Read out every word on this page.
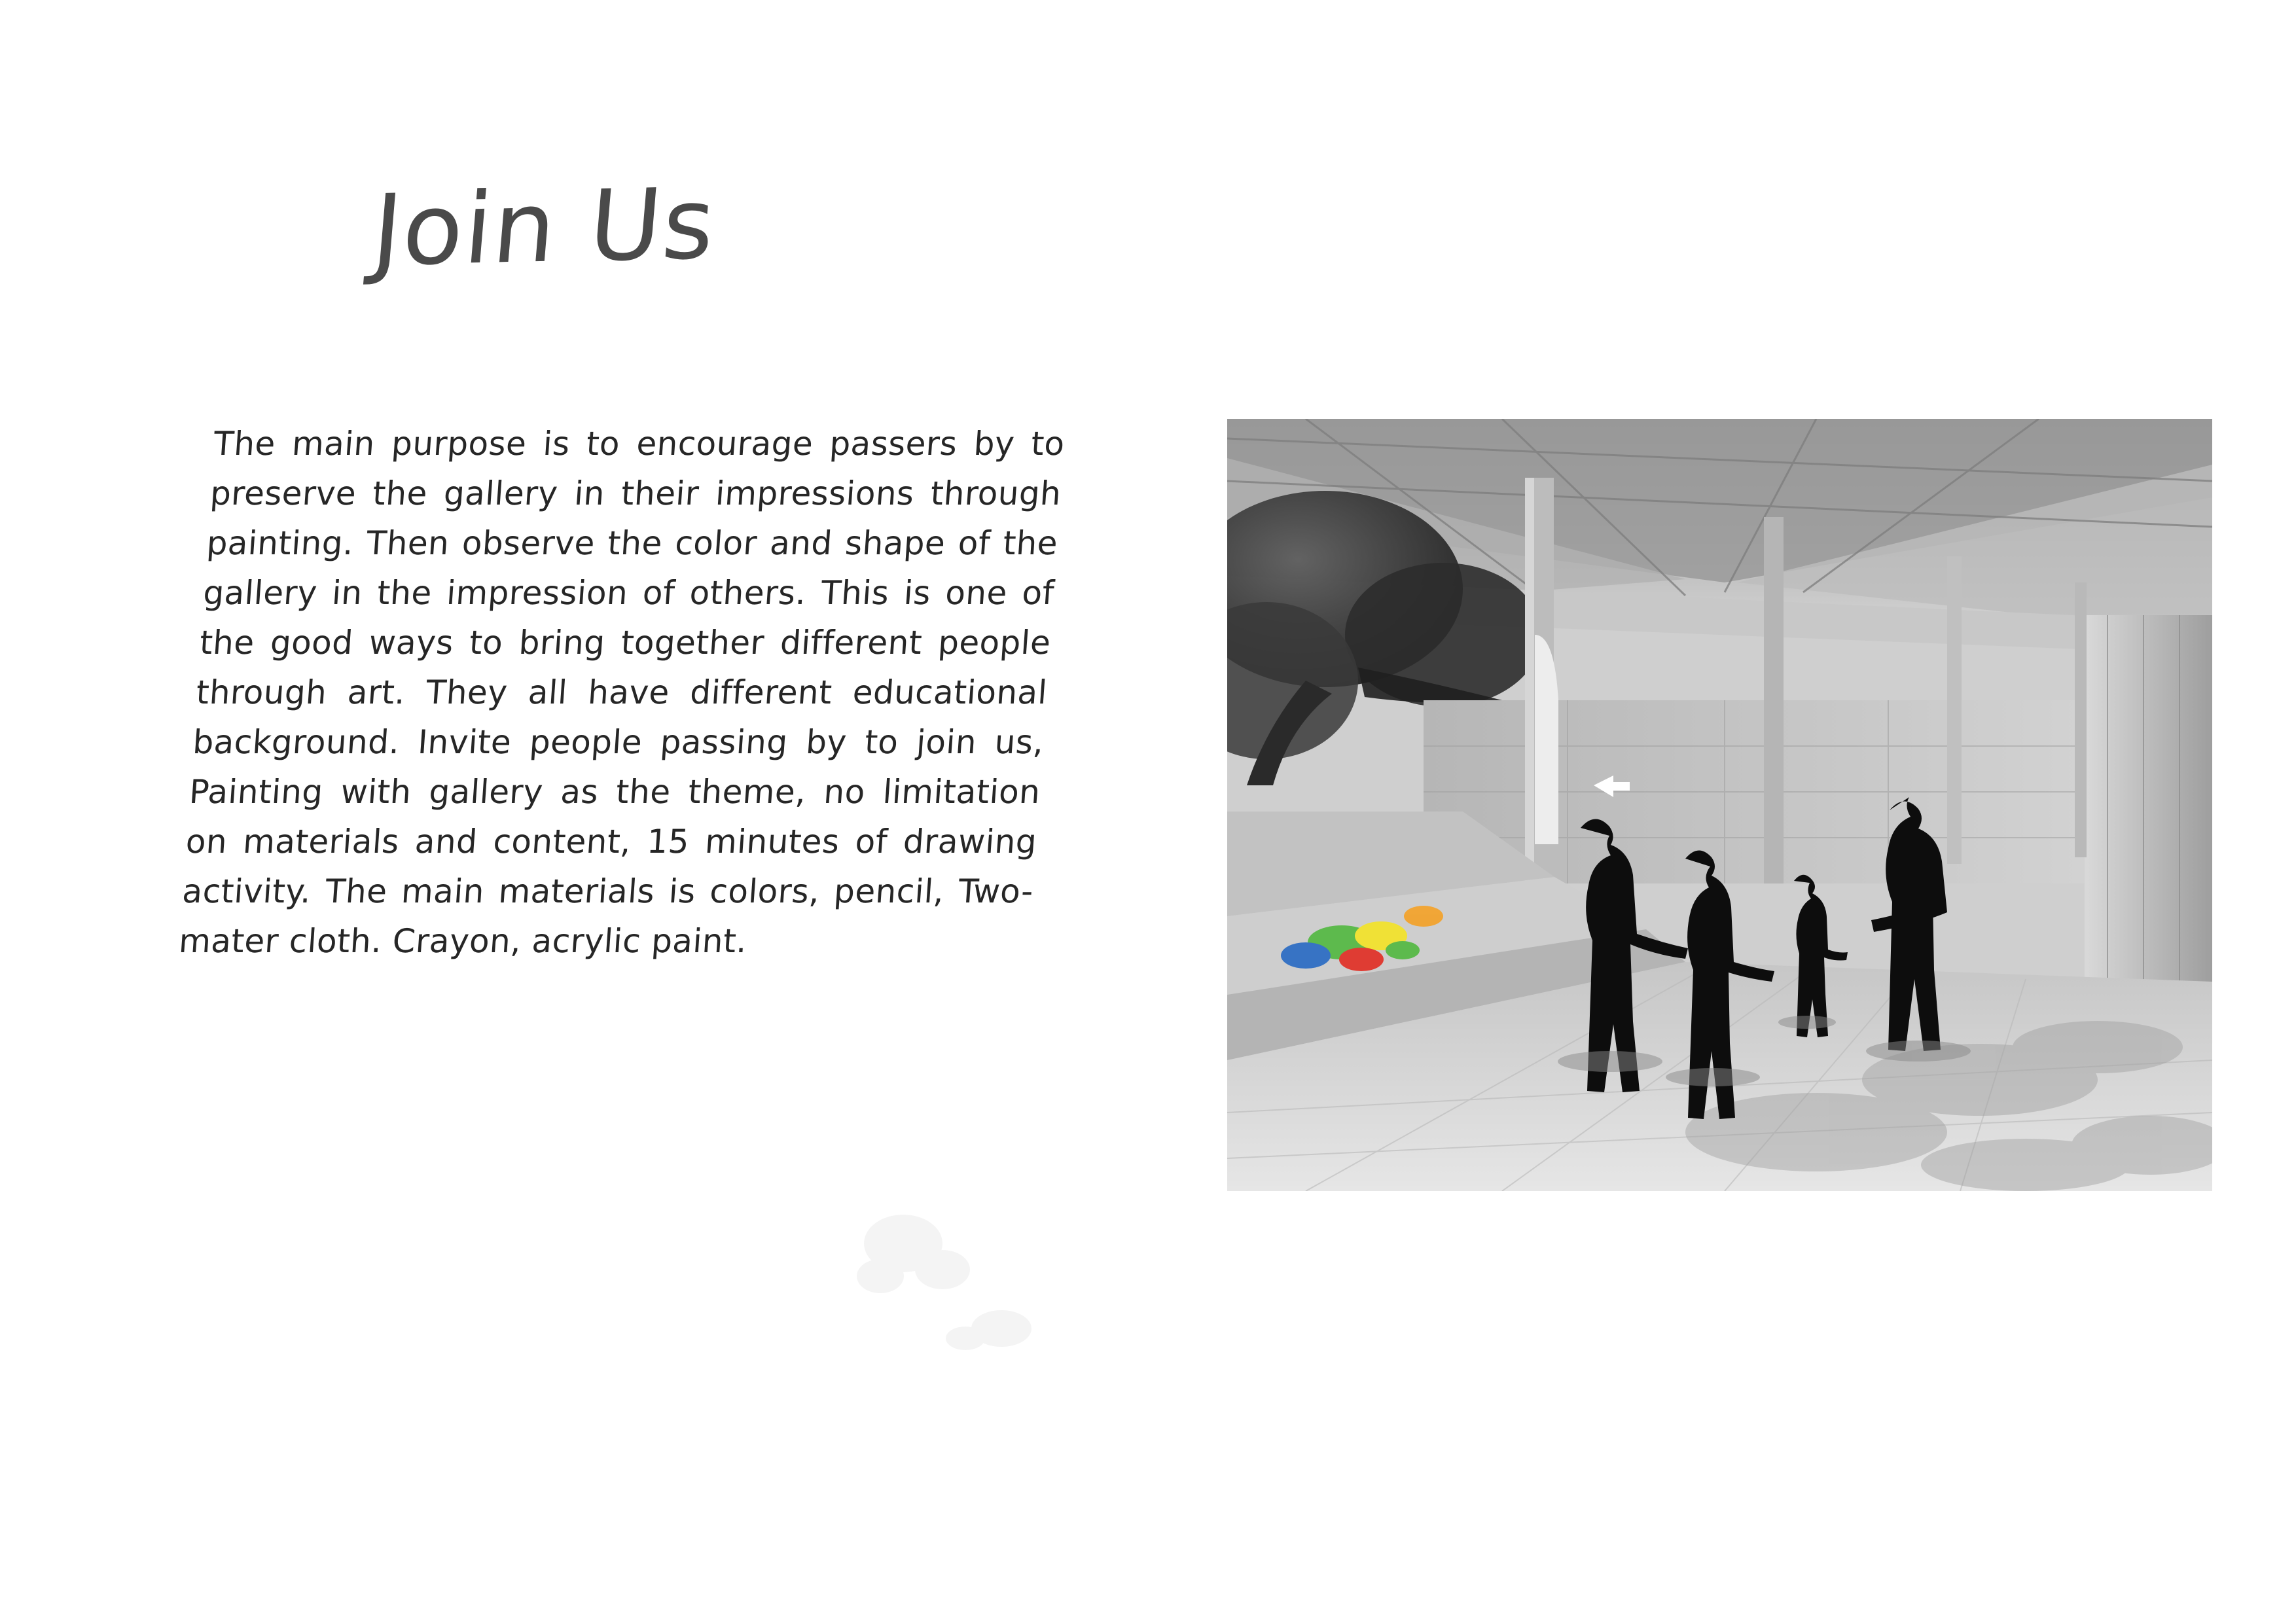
Join Us
The main purpose is to encourage passers by to preserve the gallery in their impressions through painting. Then observe the color and shape of the gallery in the impression of others. This is one of the good ways to bring together different people through art. They all have different educational background. Invite people passing by to join us, Painting with gallery as the theme, no limitation on materials and content, 15 minutes of drawing activity. The main materials is colors, pencil, Two-mater cloth. Crayon, acrylic paint.
